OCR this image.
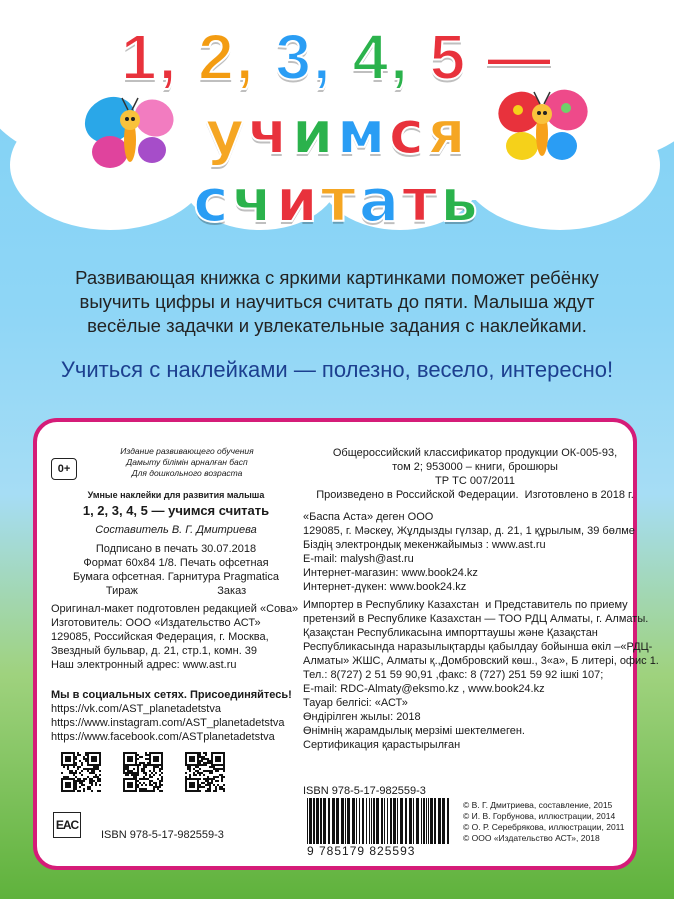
1, 2, 3, 4, 5 —
учимся
считать
Развивающая книжка с яркими картинками поможет ребёнку
выучить цифры и научиться считать до пяти. Малыша ждут
весёлые задачки и увлекательные задания с наклейками.
Учиться с наклейками — полезно, весело, интересно!
0+
Издание развивающего обучения
Дамыту білімін арналған басп
Для дошкольного возраста
Умные наклейки для развития малыша
1, 2, 3, 4, 5 — учимся считать
Составитель В. Г. Дмитриева
Подписано в печать 30.07.2018
Формат 60х84 1/8. Печать офсетная
Бумага офсетная. Гарнитура Pragmatica
Тираж                          Заказ
Оригинал-макет подготовлен редакцией «Сова»
Изготовитель: ООО «Издательство АСТ»
129085, Российская Федерация, г. Москва,
Звездный бульвар, д. 21, стр.1, комн. 39
Наш электронный адрес: www.ast.ru
Мы в социальных сетях. Присоединяйтесь!
https://vk.com/AST_planetadetstva
https://www.instagram.com/AST_planetadetstva
https://www.facebook.com/ASTplanetadetstva
EAC
ISBN 978-5-17-982559-3
Общероссийский классификатор продукции ОК-005-93,
том 2; 953000 – книги, брошюры
ТР ТС 007/2011
Произведено в Российской Федерации.  Изготовлено в 2018 г.
«Баспа Аста» деген ООО
129085, г. Мәскеу, Жұлдызды гүлзар, д. 21, 1 құрылым, 39 бөлме
Біздің электрондық мекенжайымыз : www.ast.ru
E-mail: malysh@ast.ru
Интернет-магазин: www.book24.kz
Интернет-дүкен: www.book24.kz
Импортер в Республику Казахстан  и Представитель по приему
претензий в Республике Казахстан — ТОО РДЦ Алматы, г. Алматы.
Қазақстан Республикасына импорттаушы және Қазақстан
Республикасында наразылықтарды қабылдау бойынша өкіл –«РДЦ-
Алматы» ЖШС, Алматы қ.,Домбровский көш., 3«а», Б литері, офис 1.
Тел.: 8(727) 2 51 59 90,91 ,факс: 8 (727) 251 59 92 ішкі 107;
E-mail: RDC-Almaty@eksmo.kz , www.book24.kz
Тауар белгісі: «АСТ»
Өндірілген жылы: 2018
Өнімнің жарамдылық мерзімі шектелмеген.
Сертификация қарастырылған
ISBN 978-5-17-982559-3
9 785179 825593
© В. Г. Дмитриева, составление, 2015
© И. В. Горбунова, иллюстрации, 2014
© О. Р. Серебрякова, иллюстрации, 2011
© ООО «Издательство АСТ», 2018
